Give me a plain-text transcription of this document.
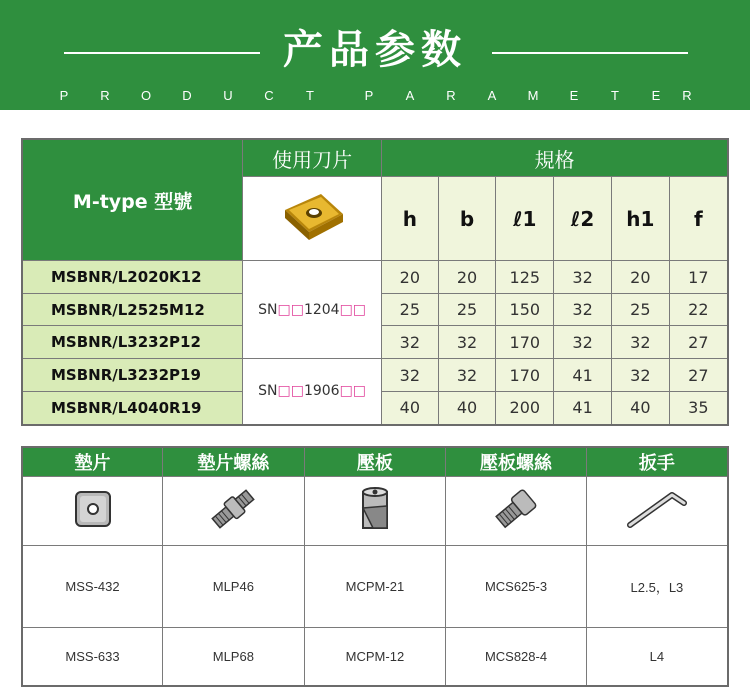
产品参数
P	R	O	D	U	C	T	P	A	R	A	M	E	T	E	R
M-type 型號	使用刀片	規格					
	h	b	ℓ1	ℓ2	h1	f
MSBNR/L2020K12	SN□□1204□□	20	20	125	32	20	17
MSBNR/L2525M12		25	25	150	32	25	22
MSBNR/L3232P12		32	32	170	32	32	27
MSBNR/L3232P19	SN□□1906□□	32	32	170	41	32	27
MSBNR/L4040R19		40	40	200	41	40	35
墊片	墊片螺絲	壓板	壓板螺絲	扳手

MSS-432	MLP46	MCPM-21	MCS625-3	L2.5，L3
MSS-633	MLP68	MCPM-12	MCS828-4	L4
